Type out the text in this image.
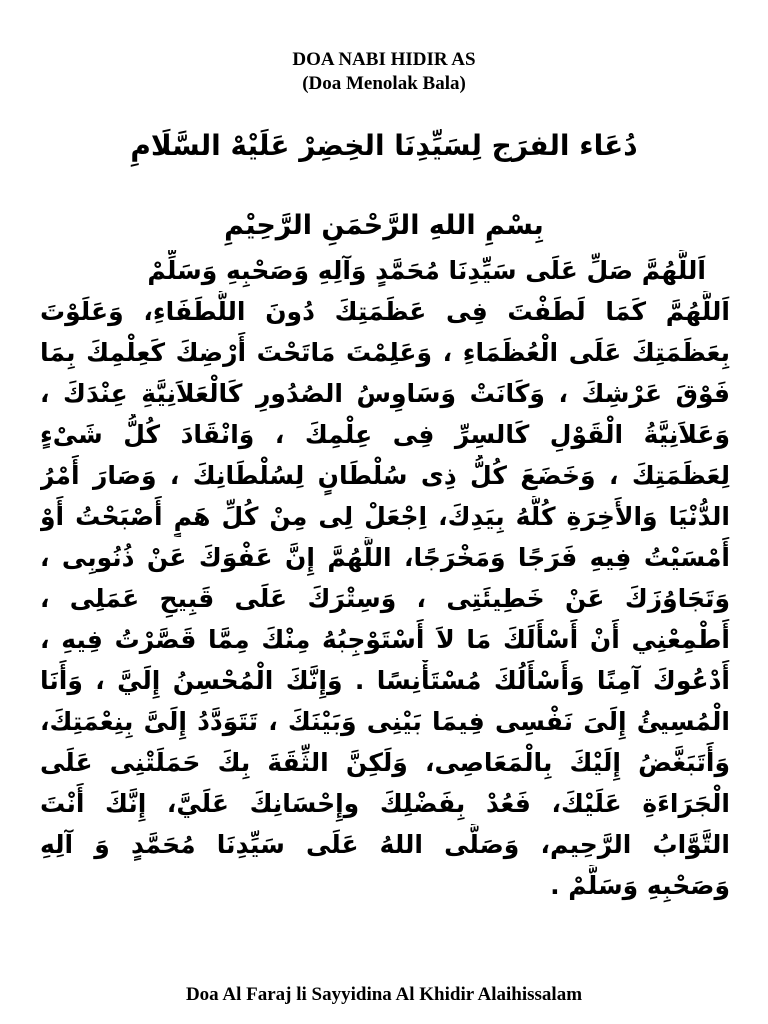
DOA NABI HIDIR AS
(Doa Menolak Bala)
دُعَاء الفرَج لِسَيِّدِنَا الخِضِرْ عَلَيْهْ السَّلَامِ
بِسْمِ اللهِ الرَّحْمَنِ الرَّحِيْمِ
اَللَّهُمَّ صَلِّ عَلَى سَيِّدِنَا مُحَمَّدٍ وَآلِهِ وَصَحْبِهِ وَسَلِّمْ
اَللَّهُمَّ كَمَا لَطَفْتَ فِى عَظَمَتِكَ دُونَ اللُّطَفَاءِ، وَعَلَوْتَ
بِعَظَمَتِكَ عَلَى الْعُظَمَاءِ ، وَعَلِمْتَ مَاتَحْتَ أَرْضِكَ كَعِلْمِكَ بِمَا
فَوْقَ عَرْشِكَ ، وَكَانَتْ وَسَاوِسُ الصُدُورِ كَالْعَلاَنِيَّةِ عِنْدَكَ ،
وَعَلاَنِيَّةُ الْقَوْلِ كَالسِرِّ فِى عِلْمِكَ ، وَانْقَادَ كُلُّ شَىْءٍ
لِعَظَمَتِكَ ، وَخَضَعَ كُلُّ ذِى سُلْطَانٍ لِسُلْطَانِكَ ، وَصَارَ أَمْرُ
الدُّنْيَا وَالأَخِرَةِ كُلُّهُ بِيَدِكَ، اِجْعَلْ لِى مِنْ كُلِّ هَمٍ أَصْبَحْتُ أَوْ
أَمْسَيْتُ فِيهِ فَرَجًا وَمَخْرَجًا، اللَّهُمَّ إِنَّ عَفْوَكَ عَنْ ذُنُوبِى ،
وَتَجَاوُزَكَ عَنْ خَطِيئَتِى ، وَسِتْرَكَ عَلَى قَبِيحِ عَمَلِى ،
أَطْمِعْنِي أَنْ أَسْأَلَكَ مَا لاَ أَسْتَوْجِبُهُ مِنْكَ مِمَّا قَصَّرْتُ فِيهِ ،
أَدْعُوكَ آمِنًا وَأَسْأَلُكَ مُسْتَأْنِسًا . وَإِنَّكَ الْمُحْسِنُ إِلَيَّ ، وَأَنَا
الْمُسِيئُ إِلَىَ نَفْسِى فِيمَا بَيْنِى وَبَيْنَكَ ، تَتَوَدَّدُ إِلَىَّ بِنِعْمَتِكَ،
وَأَتَبَغَّضُ إِلَيْكَ بِالْمَعَاصِى، وَلَكِنَّ الثِّقَةَ بِكَ حَمَلَتْنِى عَلَى
الْجَرَاءَةِ عَلَيْكَ، فَعُدْ بِفَضْلِكَ وإِحْسَانِكَ عَلَيَّ، إِنَّكَ أَنْتَ
التَّوَّابُ الرَّحِيم، وَصَلَّى اللهُ عَلَى سَيِّدِنَا مُحَمَّدٍ وَ آلِهِ
وَصَحْبِهِ وَسَلَّمْ .
Doa Al Faraj li Sayyidina Al Khidir Alaihissalam
